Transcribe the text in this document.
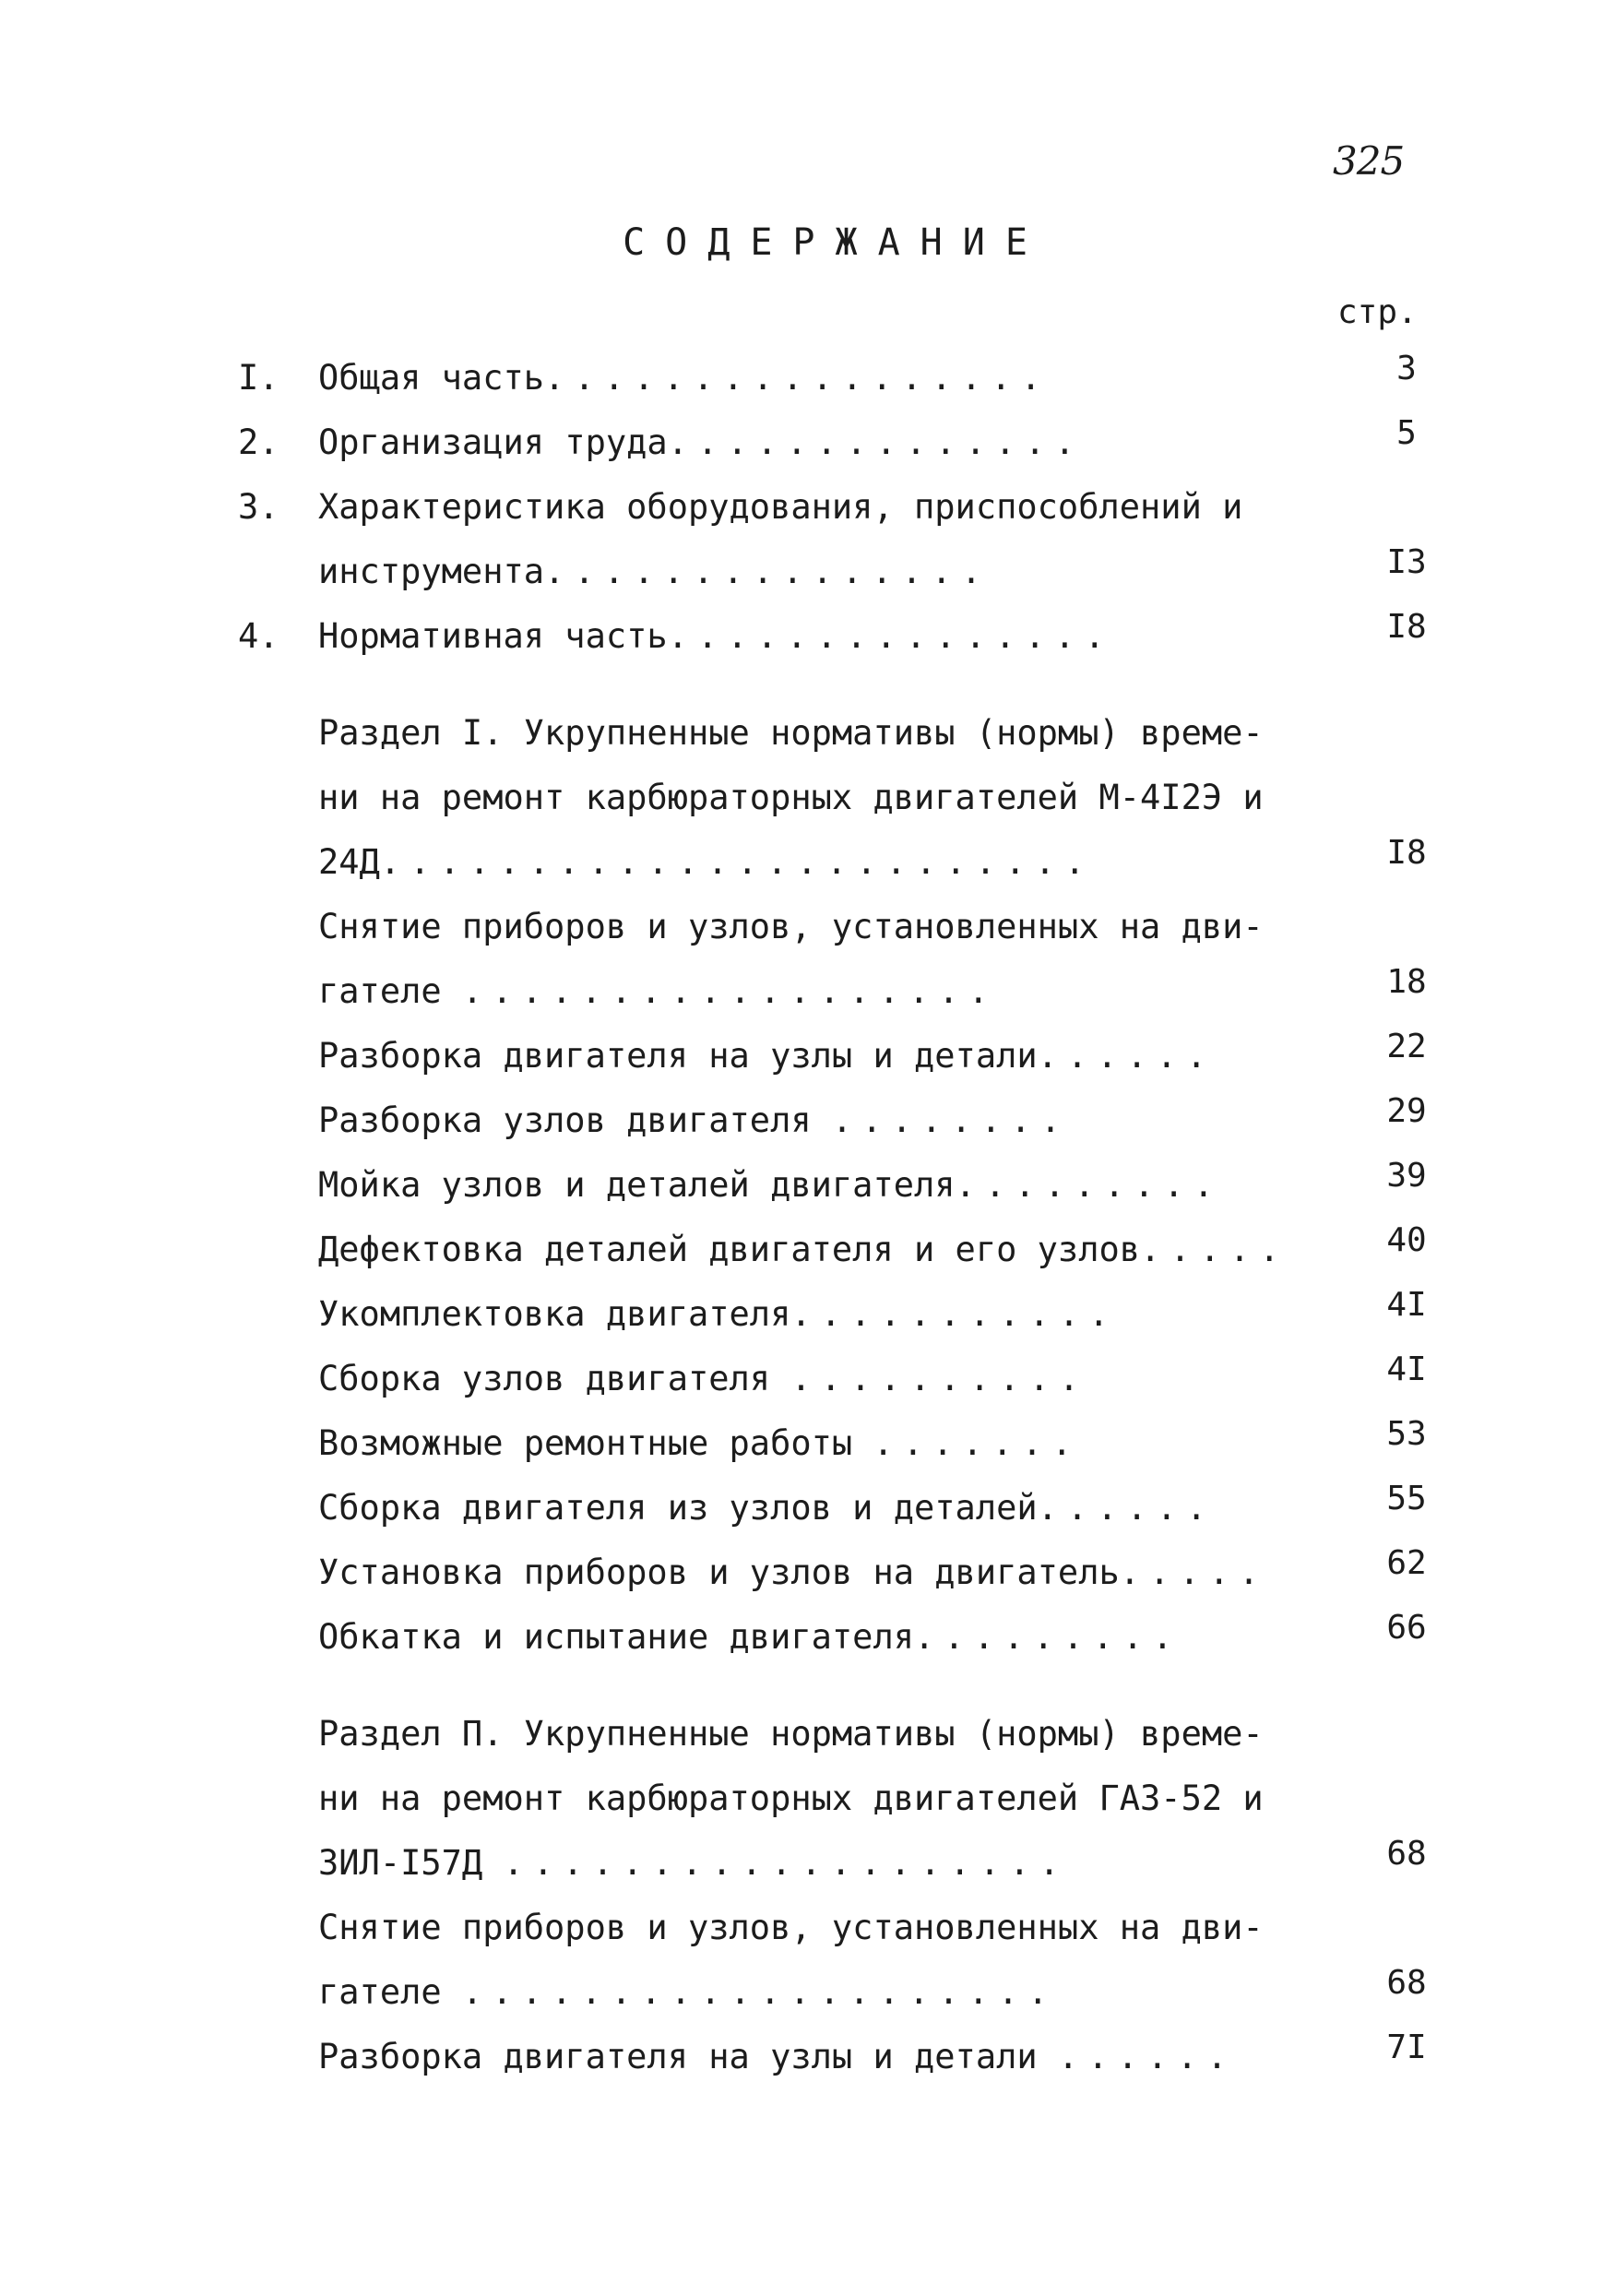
325
СОДЕРЖАНИЕ
стр.
I. Общая часть.................	3
2. Организация труда..............	5
3. Характеристика оборудования, приспособлений и
инструмента...............	I3
4. Нормативная часть...............	I8
Раздел I. Укрупненные нормативы (нормы) време-
ни на ремонт карбюраторных двигателей М-4I2Э и
24Д........................	I8
Снятие приборов и узлов, установленных на дви-
гателе ..................	18
Разборка двигателя на узлы и детали......	22
Разборка узлов двигателя ........	29
Мойка узлов и деталей двигателя.........	39
Дефектовка деталей двигателя и его узлов.....	40
Укомплектовка двигателя...........	4I
Сборка узлов двигателя ..........	4I
Возможные ремонтные работы .......	53
Сборка двигателя из узлов и деталей......	55
Установка приборов и узлов на двигатель.....	62
Обкатка и испытание двигателя.........	66
Раздел П. Укрупненные нормативы (нормы) време-
ни на ремонт карбюраторных двигателей ГАЗ-52 и
ЗИЛ-I57Д ...................	68
Снятие приборов и узлов, установленных на дви-
гателе ....................	68
Разборка двигателя на узлы и детали ......	7I
